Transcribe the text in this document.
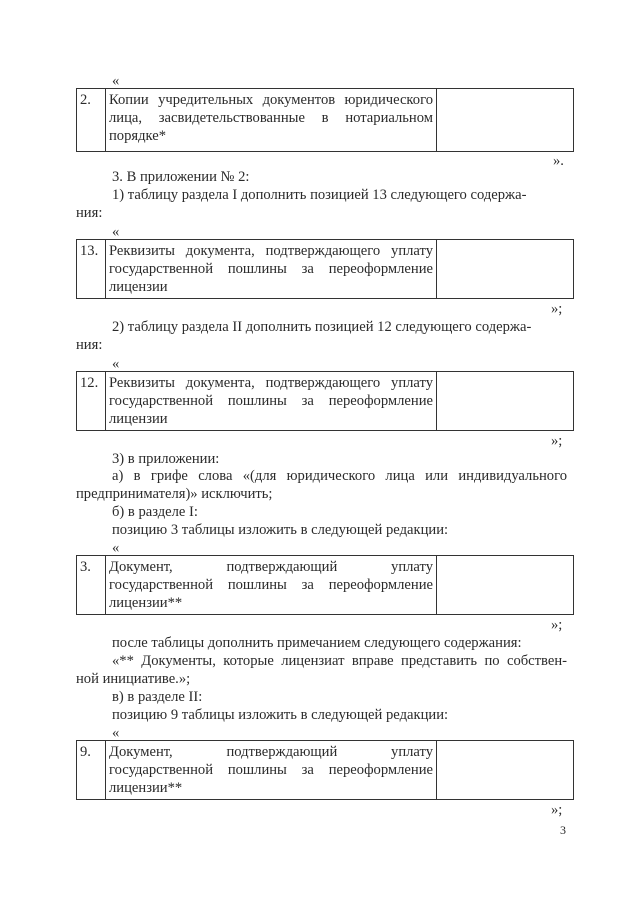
«
2.	Копии учредительных документов юридического лица, засвидетельствованные в нотариальном порядке*	
».
3. В приложении № 2:
1) таблицу раздела I дополнить позицией 13 следующего содержа-
ния:
«
13.	Реквизиты документа, подтверждающего уплату государственной пошлины за переоформление лицензии	
»;
2) таблицу раздела II дополнить позицией 12 следующего содержа-
ния:
«
12.	Реквизиты документа, подтверждающего уплату государственной пошлины за переоформление лицензии	
»;
3) в приложении:
а) в грифе слова «(для юридического лица или индивидуального
предпринимателя)» исключить;
б) в разделе I:
позицию 3 таблицы изложить в следующей редакции:
«
3.	Документ, подтверждающий уплату государственной пошлины за переоформление лицензии**	
»;
после таблицы дополнить примечанием следующего содержания:
«** Документы, которые лицензиат вправе представить по собствен-
ной инициативе.»;
в) в разделе II:
позицию 9 таблицы изложить в следующей редакции:
«
9.	Документ, подтверждающий уплату государственной пошлины за переоформление лицензии**	
»;
3
